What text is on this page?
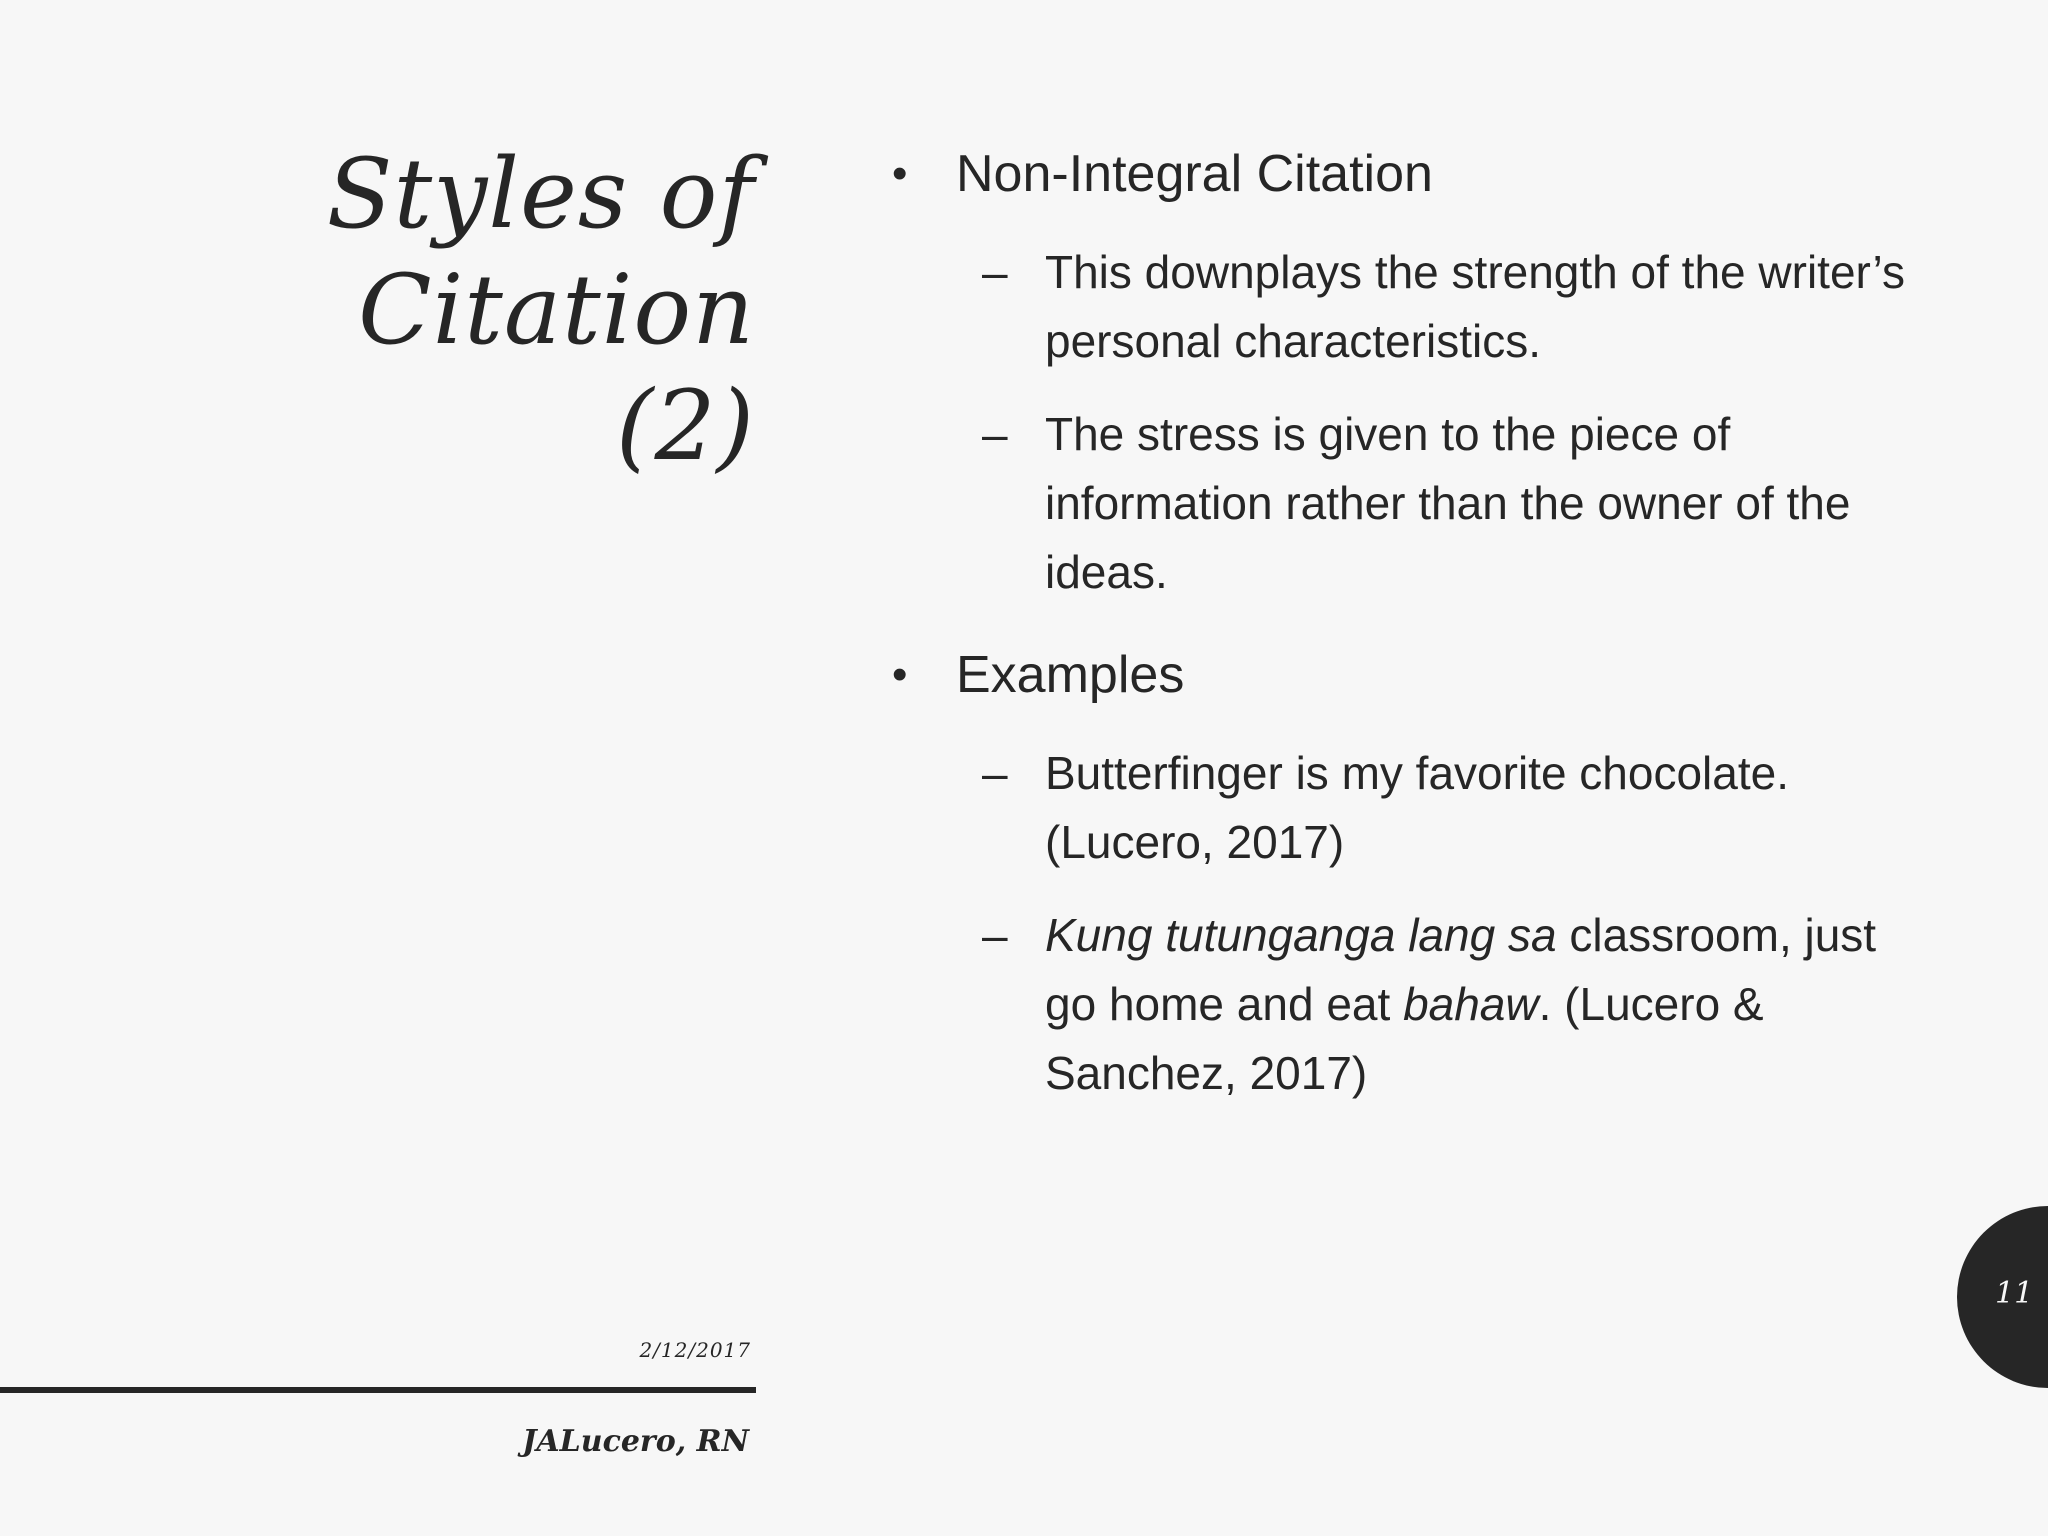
Styles of
Citation
(2)

• Non-Integral Citation

– This downplays the strength of the writer’s personal characteristics.

– The stress is given to the piece of information rather than the owner of the ideas.

• Examples

– Butterfinger is my favorite chocolate. (Lucero, 2017)

– Kung tutunganga lang sa classroom, just go home and eat bahaw. (Lucero & Sanchez, 2017)

2/12/2017
JALucero, RN
11
